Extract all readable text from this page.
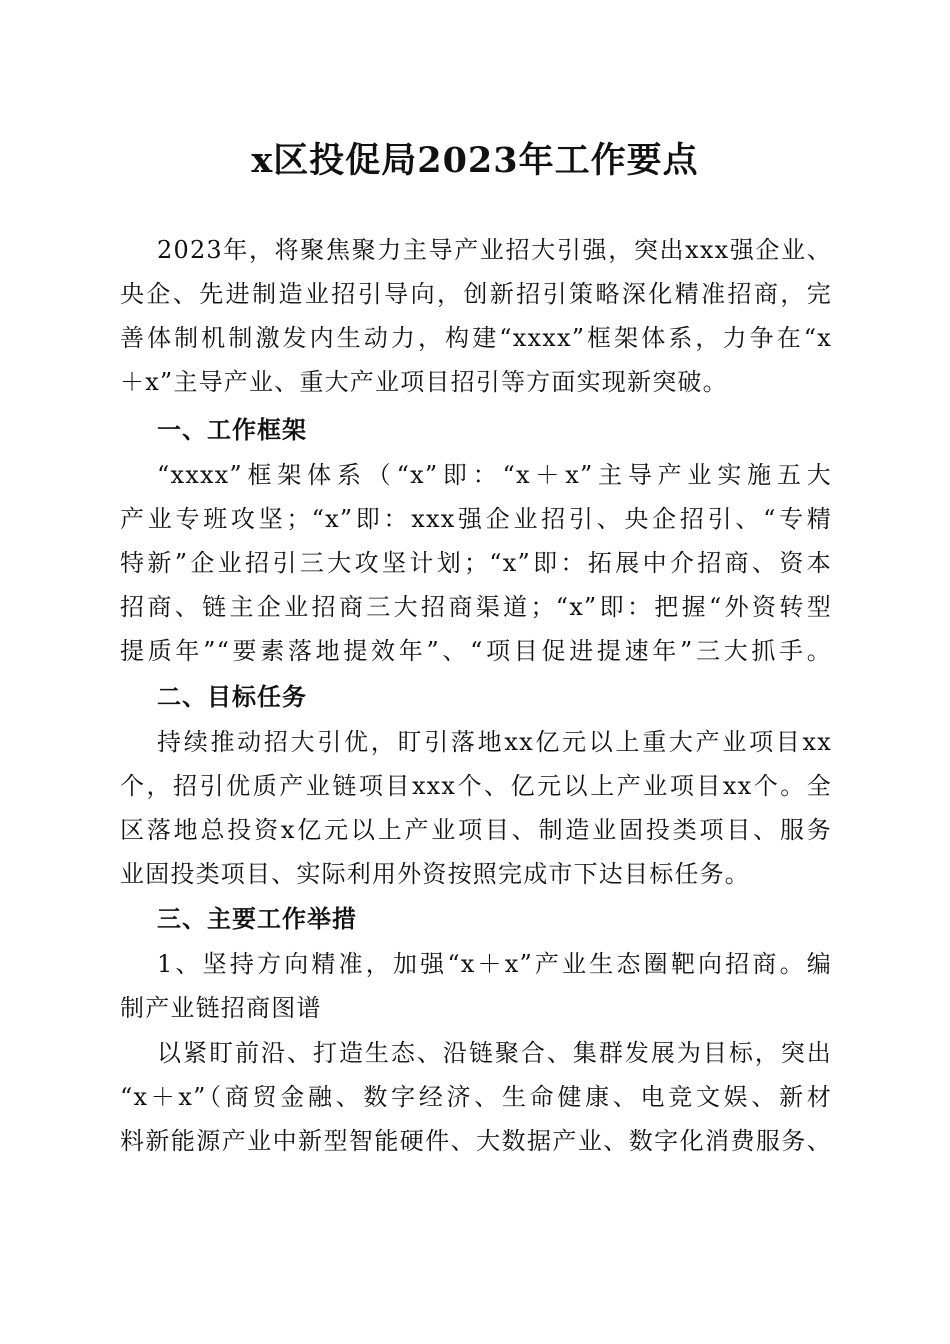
x区投促局2023年工作要点
2023年，将聚焦聚力主导产业招大引强，突出xxx强企业、
央企、先进制造业招引导向，创新招引策略深化精准招商，完
善体制机制激发内生动力，构建“xxxx”框架体系，力争在“x
＋x”主导产业、重大产业项目招引等方面实现新突破。
一、工作框架
“xxxx”框架体系（“x”即：“x＋x”主导产业实施五大
产业专班攻坚；“x”即：xxx强企业招引、央企招引、“专精
特新”企业招引三大攻坚计划；“x”即：拓展中介招商、资本
招商、链主企业招商三大招商渠道；“x”即：把握“外资转型
提质年”“要素落地提效年”、“项目促进提速年”三大抓手。
二、目标任务
持续推动招大引优，盯引落地xx亿元以上重大产业项目xx
个，招引优质产业链项目xxx个、亿元以上产业项目xx个。全
区落地总投资x亿元以上产业项目、制造业固投类项目、服务
业固投类项目、实际利用外资按照完成市下达目标任务。
三、主要工作举措
1、坚持方向精准，加强“x＋x”产业生态圈靶向招商。编
制产业链招商图谱
以紧盯前沿、打造生态、沿链聚合、集群发展为目标，突出
“x＋x”（商贸金融、数字经济、生命健康、电竞文娱、新材
料新能源产业中新型智能硬件、大数据产业、数字化消费服务、
